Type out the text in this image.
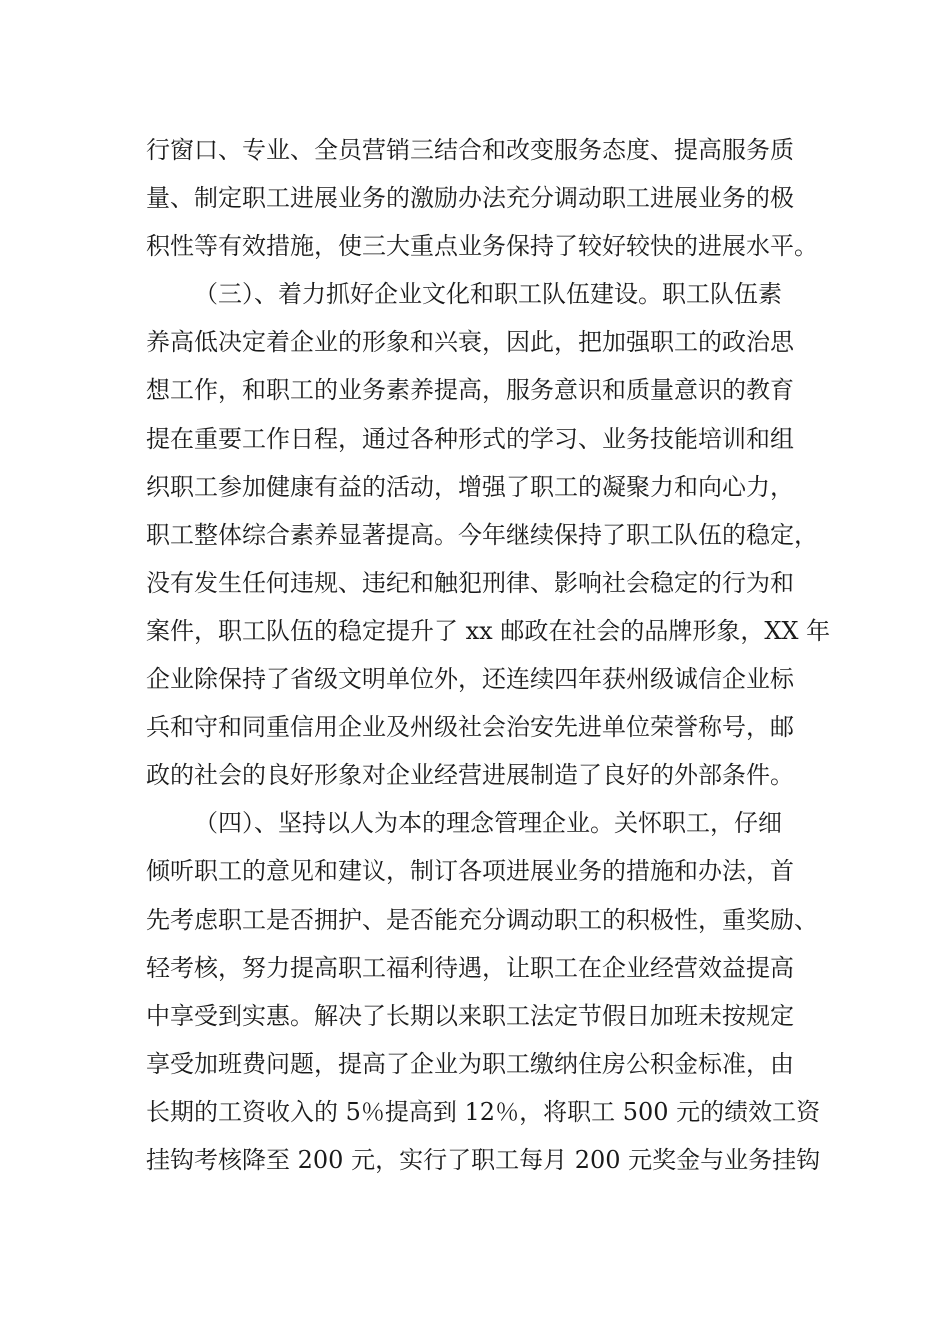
行窗口、专业、全员营销三结合和改变服务态度、提高服务质
量、制定职工进展业务的激励办法充分调动职工进展业务的极
积性等有效措施，使三大重点业务保持了较好较快的进展水平。
（三）、着力抓好企业文化和职工队伍建设。职工队伍素
养高低决定着企业的形象和兴衰，因此，把加强职工的政治思
想工作，和职工的业务素养提高，服务意识和质量意识的教育
提在重要工作日程，通过各种形式的学习、业务技能培训和组
织职工参加健康有益的活动，增强了职工的凝聚力和向心力，
职工整体综合素养显著提高。今年继续保持了职工队伍的稳定，
没有发生任何违规、违纪和触犯刑律、影响社会稳定的行为和
案件，职工队伍的稳定提升了 xx 邮政在社会的品牌形象，XX 年
企业除保持了省级文明单位外，还连续四年获州级诚信企业标
兵和守和同重信用企业及州级社会治安先进单位荣誉称号，邮
政的社会的良好形象对企业经营进展制造了良好的外部条件。
（四）、坚持以人为本的理念管理企业。关怀职工，仔细
倾听职工的意见和建议，制订各项进展业务的措施和办法，首
先考虑职工是否拥护、是否能充分调动职工的积极性，重奖励、
轻考核，努力提高职工福利待遇，让职工在企业经营效益提高
中享受到实惠。解决了长期以来职工法定节假日加班未按规定
享受加班费问题，提高了企业为职工缴纳住房公积金标准，由
长期的工资收入的 5％提高到 12％，将职工 500 元的绩效工资
挂钩考核降至 200 元，实行了职工每月 200 元奖金与业务挂钩
